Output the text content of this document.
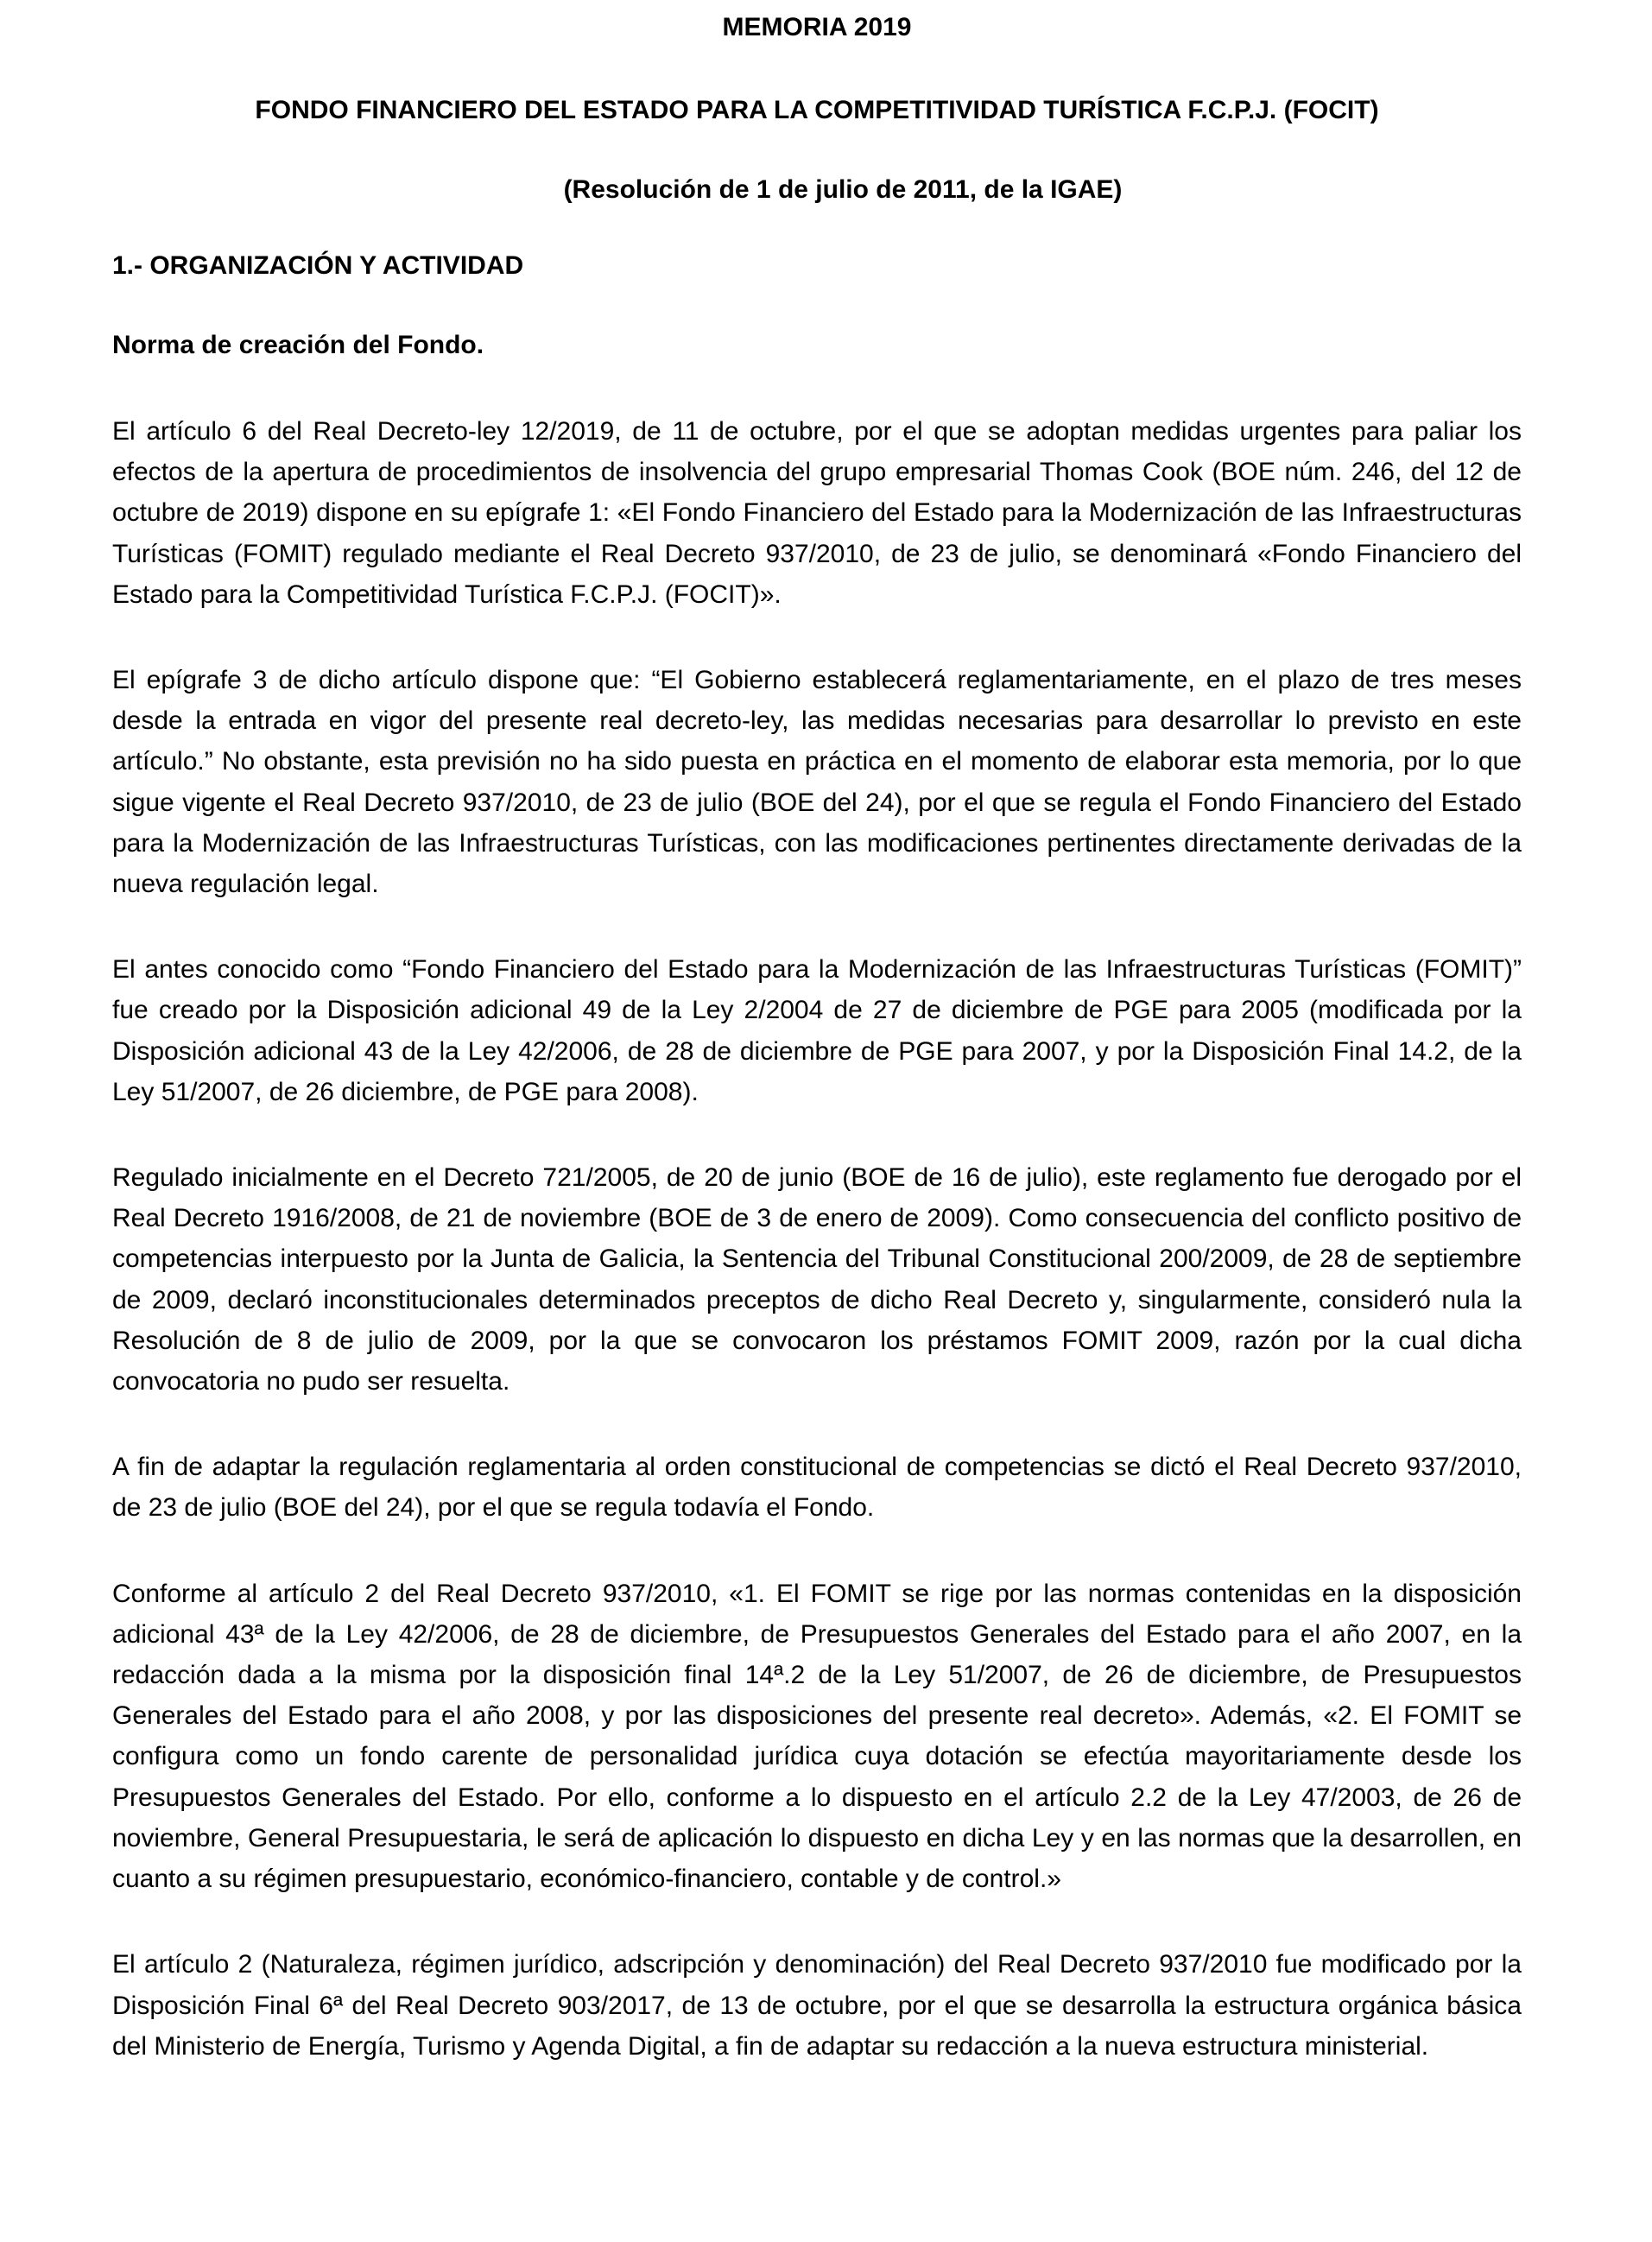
MEMORIA 2019
FONDO FINANCIERO DEL ESTADO PARA LA COMPETITIVIDAD TURÍSTICA F.C.P.J. (FOCIT)
(Resolución de 1 de julio de 2011, de la IGAE)
1.- ORGANIZACIÓN Y ACTIVIDAD
Norma de creación del Fondo.

El artículo 6 del Real Decreto-ley 12/2019, de 11 de octubre, por el que se adoptan medidas urgentes para paliar los efectos de la apertura de procedimientos de insolvencia del grupo empresarial Thomas Cook (BOE núm. 246, del 12 de octubre de 2019) dispone en su epígrafe 1: «El Fondo Financiero del Estado para la Modernización de las Infraestructuras Turísticas (FOMIT) regulado mediante el Real Decreto 937/2010, de 23 de julio, se denominará «Fondo Financiero del Estado para la Competitividad Turística F.C.P.J. (FOCIT)».

El epígrafe 3 de dicho artículo dispone que: “El Gobierno establecerá reglamentariamente, en el plazo de tres meses desde la entrada en vigor del presente real decreto-ley, las medidas necesarias para desarrollar lo previsto en este artículo.” No obstante, esta previsión no ha sido puesta en práctica en el momento de elaborar esta memoria, por lo que sigue vigente el Real Decreto 937/2010, de 23 de julio (BOE del 24), por el que se regula el Fondo Financiero del Estado para la Modernización de las Infraestructuras Turísticas, con las modificaciones pertinentes directamente derivadas de la nueva regulación legal.

El antes conocido como “Fondo Financiero del Estado para la Modernización de las Infraestructuras Turísticas (FOMIT)” fue creado por la Disposición adicional 49 de la Ley 2/2004 de 27 de diciembre de PGE para 2005 (modificada por la Disposición adicional 43 de la Ley 42/2006, de 28 de diciembre de PGE para 2007, y por la Disposición Final 14.2, de la Ley 51/2007, de 26 diciembre, de PGE para 2008).

Regulado inicialmente en el Decreto 721/2005, de 20 de junio (BOE de 16 de julio), este reglamento fue derogado por el Real Decreto 1916/2008, de 21 de noviembre (BOE de 3 de enero de 2009). Como consecuencia del conflicto positivo de competencias interpuesto por la Junta de Galicia, la Sentencia del Tribunal Constitucional 200/2009, de 28 de septiembre de 2009, declaró inconstitucionales determinados preceptos de dicho Real Decreto y, singularmente, consideró nula la Resolución de 8 de julio de 2009, por la que se convocaron los préstamos FOMIT 2009, razón por la cual dicha convocatoria no pudo ser resuelta.

A fin de adaptar la regulación reglamentaria al orden constitucional de competencias se dictó el Real Decreto 937/2010, de 23 de julio (BOE del 24), por el que se regula todavía el Fondo.

Conforme al artículo 2 del Real Decreto 937/2010, «1. El FOMIT se rige por las normas contenidas en la disposición adicional 43ª de la Ley 42/2006, de 28 de diciembre, de Presupuestos Generales del Estado para el año 2007, en la redacción dada a la misma por la disposición final 14ª.2 de la Ley 51/2007, de 26 de diciembre, de Presupuestos Generales del Estado para el año 2008, y por las disposiciones del presente real decreto». Además, «2. El FOMIT se configura como un fondo carente de personalidad jurídica cuya dotación se efectúa mayoritariamente desde los Presupuestos Generales del Estado. Por ello, conforme a lo dispuesto en el artículo 2.2 de la Ley 47/2003, de 26 de noviembre, General Presupuestaria, le será de aplicación lo dispuesto en dicha Ley y en las normas que la desarrollen, en cuanto a su régimen presupuestario, económico-financiero, contable y de control.»

El artículo 2 (Naturaleza, régimen jurídico, adscripción y denominación) del Real Decreto 937/2010 fue modificado por la Disposición Final 6ª del Real Decreto 903/2017, de 13 de octubre, por el que se desarrolla la estructura orgánica básica del Ministerio de Energía, Turismo y Agenda Digital, a fin de adaptar su redacción a la nueva estructura ministerial.
